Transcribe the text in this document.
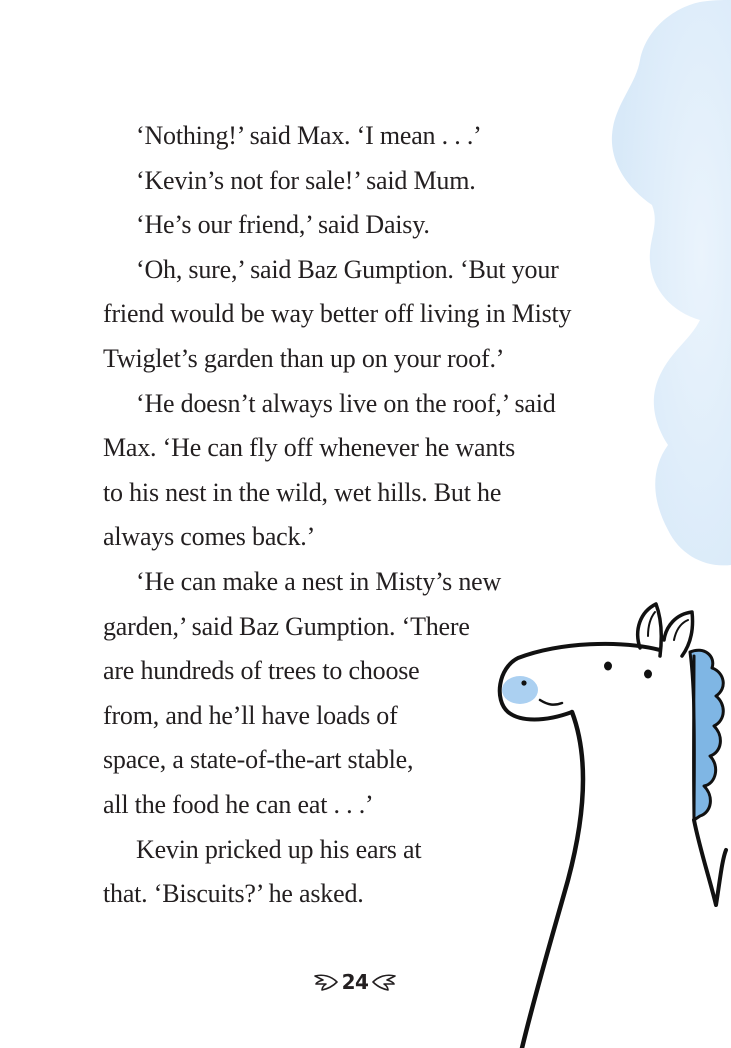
‘Nothing!’ said Max. ‘I mean . . .’
‘Kevin’s not for sale!’ said Mum.
‘He’s our friend,’ said Daisy.
‘Oh, sure,’ said Baz Gumption. ‘But your
friend would be way better off living in Misty
Twiglet’s garden than up on your roof.’
‘He doesn’t always live on the roof,’ said
Max. ‘He can fly off whenever he wants
to his nest in the wild, wet hills. But he
always comes back.’
‘He can make a nest in Misty’s new
garden,’ said Baz Gumption. ‘There
are hundreds of trees to choose
from, and he’ll have loads of
space, a state-of-the-art stable,
all the food he can eat . . .’
Kevin pricked up his ears at
that. ‘Biscuits?’ he asked.
24
